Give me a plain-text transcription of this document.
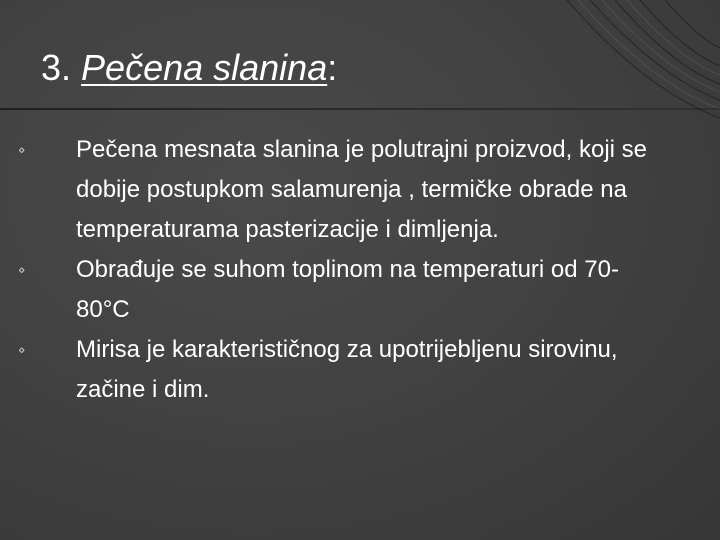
3. Pečena slanina:
⋄	Pečena mesnata slanina je polutrajni proizvod, koji se dobije postupkom salamurenja , termičke obrade na temperaturama pasterizacije i dimljenja.
⋄	Obrađuje se suhom toplinom na temperaturi od 70-80°C
⋄	Mirisa je karakterističnog za upotrijebljenu sirovinu, začine i dim.
